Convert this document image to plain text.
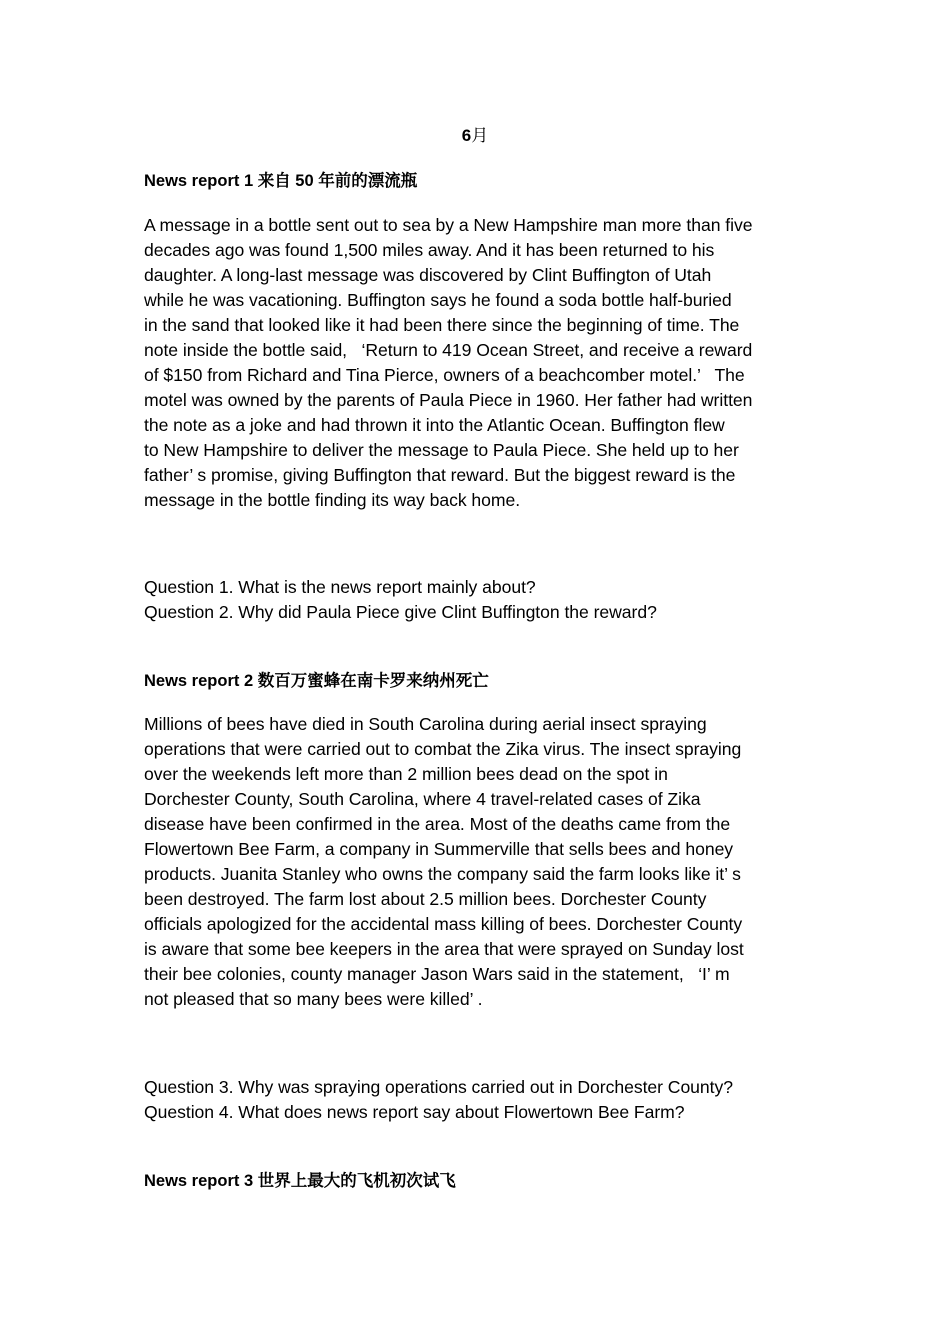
6月
News report 1 来自 50 年前的漂流瓶

A message in a bottle sent out to sea by a New Hampshire man more than five

decades ago was found 1,500 miles away. And it has been returned to his

daughter. A long-last message was discovered by Clint Buffington of Utah

while he was vacationing. Buffington says he found a soda bottle half-buried

in the sand that looked like it had been there since the beginning of time. The

note inside the bottle said,   ‘Return to 419 Ocean Street, and receive a reward

of $150 from Richard and Tina Pierce, owners of a beachcomber motel.’   The

motel was owned by the parents of Paula Piece in 1960. Her father had written

the note as a joke and had thrown it into the Atlantic Ocean. Buffington flew

to New Hampshire to deliver the message to Paula Piece. She held up to her

father’ s promise, giving Buffington that reward. But the biggest reward is the

message in the bottle finding its way back home.

Question 1. What is the news report mainly about?

Question 2. Why did Paula Piece give Clint Buffington the reward?

News report 2 数百万蜜蜂在南卡罗来纳州死亡

Millions of bees have died in South Carolina during aerial insect spraying

operations that were carried out to combat the Zika virus. The insect spraying

over the weekends left more than 2 million bees dead on the spot in

Dorchester County, South Carolina, where 4 travel-related cases of Zika

disease have been confirmed in the area. Most of the deaths came from the

Flowertown Bee Farm, a company in Summerville that sells bees and honey

products. Juanita Stanley who owns the company said the farm looks like it’ s

been destroyed. The farm lost about 2.5 million bees. Dorchester County

officials apologized for the accidental mass killing of bees. Dorchester County

is aware that some bee keepers in the area that were sprayed on Sunday lost

their bee colonies, county manager Jason Wars said in the statement,   ‘I’ m

not pleased that so many bees were killed’ .

Question 3. Why was spraying operations carried out in Dorchester County?

Question 4. What does news report say about Flowertown Bee Farm?

News report 3 世界上最大的飞机初次试飞
